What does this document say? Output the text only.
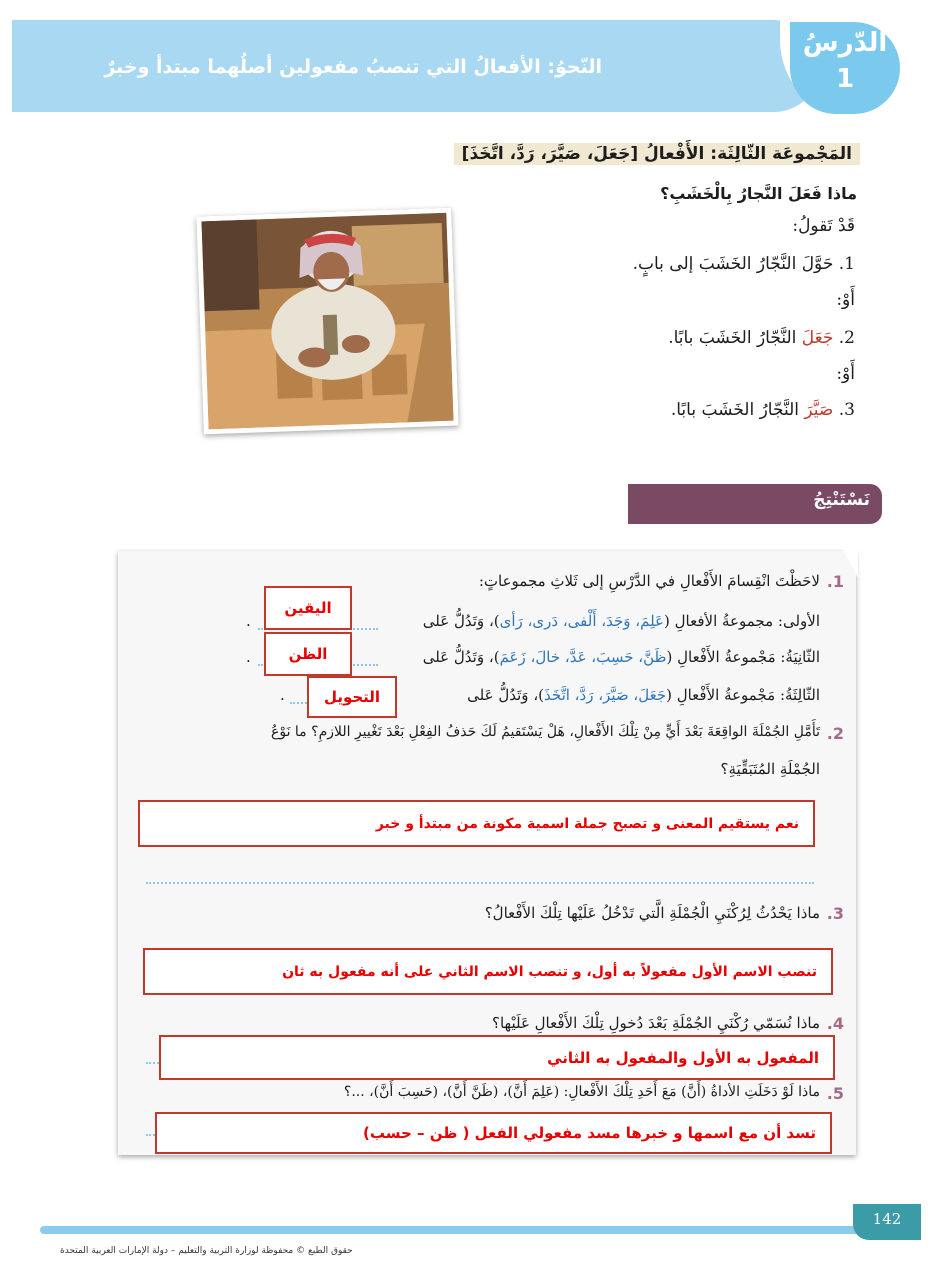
النّحوُ: الأفعالُ التي تنصبُ مفعولين أصلُهما مبتدأ وخبرٌ
الدّرسُ
1
المَجْموعَة الثّالِثَة: الأَفْعالُ [جَعَلَ، صَيَّرَ، رَدَّ، اتَّخَذَ]
ماذا فَعَلَ النَّجارُ بِالْخَشَبِ؟
قَدْ تَقولُ:
1. حَوَّلَ النَّجّارُ الخَشَبَ إلى بابٍ.
أَوْ:
2. جَعَلَ النَّجّارُ الخَشَبَ بابًا.
أَوْ:
3. صَيَّرَ النَّجّارُ الخَشَبَ بابًا.
نَسْتَنْتِجُ
1.
لاحَظْتَ انْقِسامَ الأَفْعالِ في الدَّرْسِ إلى ثَلاثِ مجموعاتٍ:
الأولى: مجموعةُ الأفعالِ (عَلِمَ، وَجَدَ، أَلْفى، دَرى، رَأى)، وَتَدُلُّ عَلى
.
اليقين
الثّانِيَةُ: مَجْموعةُ الأَفْعالِ (ظَنَّ، حَسِبَ، عَدَّ، خالَ، زَعَمَ)، وَتَدُلُّ عَلى
.	الظن
الثّالِثَةُ: مَجْموعةُ الأَفْعالِ (جَعَلَ، صَيَّرَ، رَدَّ، اتَّخَذَ)، وَتَدُلُّ عَلى
.	التحويل
2.
تَأَمَّلِ الجُمْلَةَ الواقِعَةَ بَعْدَ أَيٍّ مِنْ تِلْكَ الأَفْعالِ، هَلْ يَسْتَقيمُ لَكَ حَذفُ الفِعْلِ بَعْدَ تَغْييرِ اللازمِ؟ ما نَوْعُ
الجُمْلَةِ المُتَبَقِّيَةِ؟
نعم يستقيم المعنى و تصبح جملة اسمية مكونة من مبتدأ و خبر
3.
ماذا يَحْدُثُ لِرُكْنَيِ الْجُمْلَةِ الَّتي تَدْخُلُ عَلَيْها تِلْكَ الأَفْعالُ؟
تنصب الاسم الأول مفعولاً به أول، و تنصب الاسم الثاني على أنه مفعول به ثان
4.
ماذا نُسَمّي رُكْنَيِ الجُمْلَةِ بَعْدَ دُخولِ تِلْكَ الأَفْعالِ عَلَيْها؟
المفعول به الأول والمفعول به الثاني
5.
ماذا لَوْ دَخَلَتِ الأداةُ (أَنَّ) مَعَ أَحَدِ تِلْكَ الأَفْعالِ: (عَلِمَ أَنَّ)، (ظَنَّ أَنَّ)، (حَسِبَ أَنَّ)، ...؟
تسد أن مع اسمها و خبرها مسد مفعولي الفعل ( ظن – حسب)
142
حقوق الطبع © محفوظة لوزارة التربية والتعليم – دولة الإمارات العربية المتحدة
